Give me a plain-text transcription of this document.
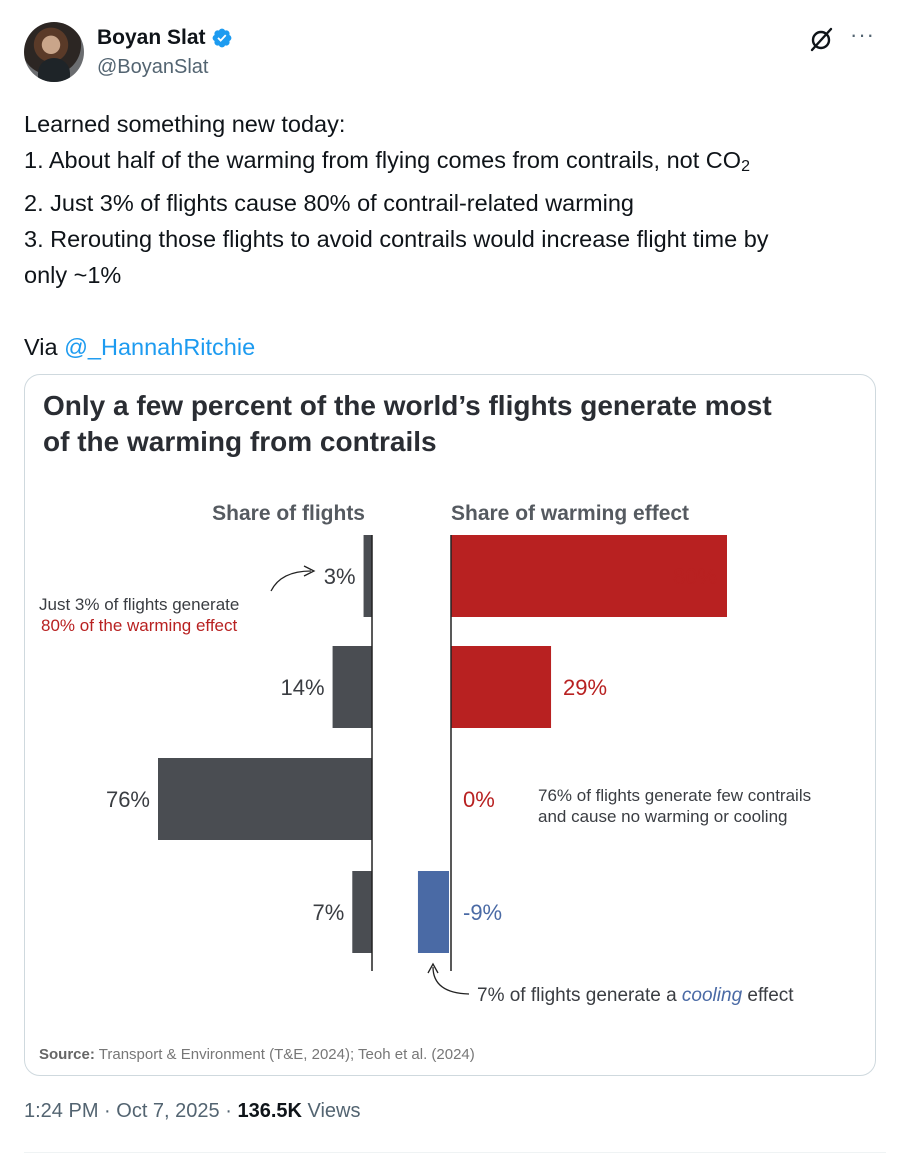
Boyan Slat
@BoyanSlat
···
Learned something new today:
1. About half of the warming from flying comes from contrails, not $CO_2$
2. Just 3% of flights cause 80% of contrail-related warming
3. Rerouting those flights to avoid contrails would increase flight time by
only ~1%
Via @_HannahRitchie
Only a few percent of the world’s flights generate most
of the warming from contrails
Share of flights	Share of warming effect
3%
14%
76%
7%
80%
29%
0%
-9%
Just 3% of flights generate
80% of the warming effect
76% of flights generate few contrails
and cause no warming or cooling
7% of flights generate a cooling effect
Source: Transport & Environment (T&E, 2024); Teoh et al. (2024)
1:24 PM · Oct 7, 2025 · 136.5K Views
